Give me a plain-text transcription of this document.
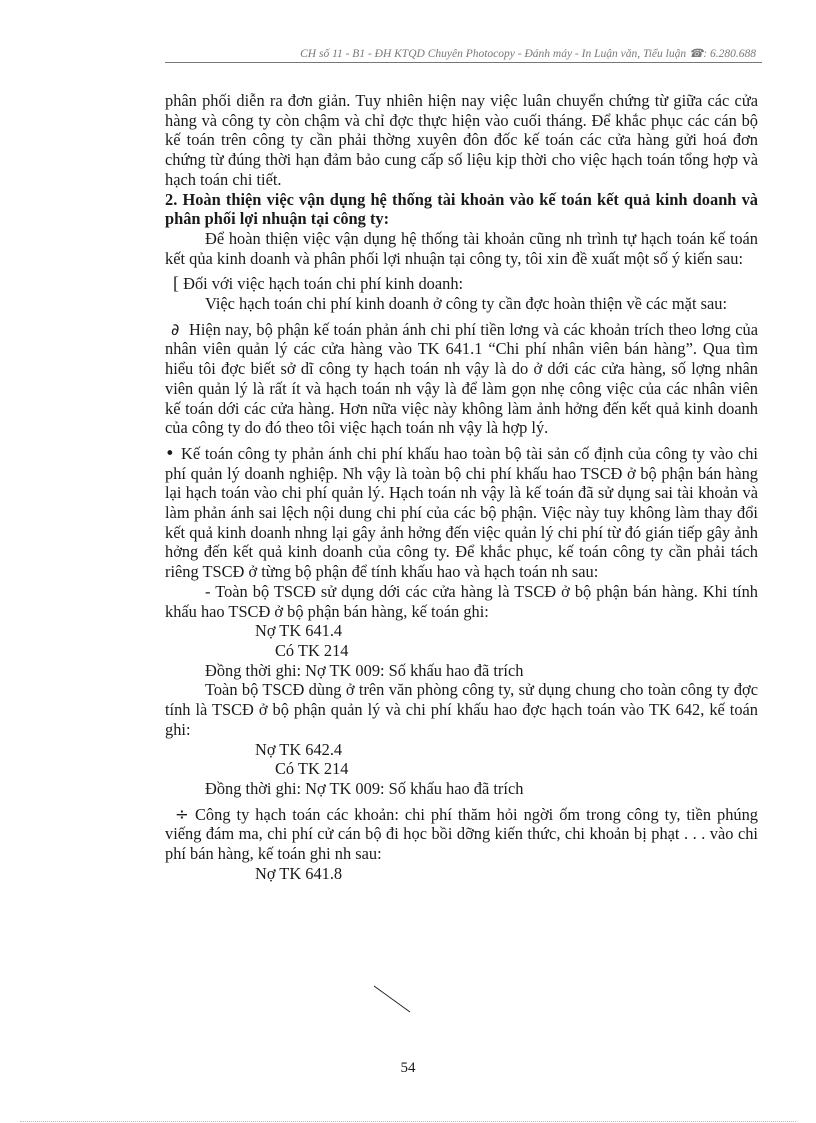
CH số 11 - B1 - ĐH KTQD Chuyên Photocopy - Đánh máy - In Luận văn, Tiểu luận ☎: 6.280.688

phân phối diễn ra đơn giản. Tuy nhiên hiện nay việc luân chuyển chứng từ giữa các cửa hàng và công ty còn chậm và chỉ đợc thực hiện vào cuối tháng. Để khắc phục các cán bộ kế toán trên công ty cần phải thờng xuyên đôn đốc kế toán các cửa hàng gửi hoá đơn chứng từ đúng thời hạn đảm bảo cung cấp số liệu kịp thời cho việc hạch toán tổng hợp và hạch toán chi tiết.

2. Hoàn thiện việc vận dụng hệ thống tài khoản vào kế toán kết quả kinh doanh và phân phối lợi nhuận tại công ty:

Để hoàn thiện việc vận dụng hệ thống tài khoản cũng nh trình tự hạch toán kế toán kết qủa kinh doanh và phân phối lợi nhuận tại công ty, tôi xin đề xuất một số ý kiến sau:

[ Đối với việc hạch toán chi phí kinh doanh:

Việc hạch toán chi phí kinh doanh ở công ty cần đợc hoàn thiện về các mặt sau:

∂ Hiện nay, bộ phận kế toán phản ánh chi phí tiền lơng và các khoản trích theo lơng của nhân viên quản lý các cửa hàng vào TK 641.1 “Chi phí nhân viên bán hàng”. Qua tìm hiểu tôi đợc biết sở dĩ công ty hạch toán nh vậy là do ở dới các cửa hàng, số lợng nhân viên quản lý là rất ít và hạch toán nh vậy là để làm gọn nhẹ công việc của các nhân viên kế toán dới các cửa hàng. Hơn nữa việc này không làm ảnh hởng đến kết quả kinh doanh của công ty do đó theo tôi việc hạch toán nh vậy là hợp lý.

• Kế toán công ty phản ánh chi phí khấu hao toàn bộ tài sản cố định của công ty vào chi phí quản lý doanh nghiệp. Nh vậy là toàn bộ chi phí khấu hao TSCĐ ở bộ phận bán hàng lại hạch toán vào chi phí quản lý. Hạch toán nh vậy là kế toán đã sử dụng sai tài khoản và làm phản ánh sai lệch nội dung chi phí của các bộ phận. Việc này tuy không làm thay đổi kết quả kinh doanh nhng lại gây ảnh hởng đến việc quản lý chi phí từ đó gián tiếp gây ảnh hởng đến kết quả kinh doanh của công ty. Để khắc phục, kế toán công ty cần phải tách riêng TSCĐ ở từng bộ phận để tính khấu hao và hạch toán nh sau:

- Toàn bộ TSCĐ sử dụng dới các cửa hàng là TSCĐ ở bộ phận bán hàng. Khi tính khấu hao TSCĐ ở bộ phận bán hàng, kế toán ghi:

Nợ TK 641.4

Có TK 214

Đồng thời ghi: Nợ TK 009: Số khấu hao đã trích

Toàn bộ TSCĐ dùng ở trên văn phòng công ty, sử dụng chung cho toàn công ty đợc tính là TSCĐ ở bộ phận quản lý và chi phí khấu hao đợc hạch toán vào TK 642, kế toán ghi:

Nợ TK 642.4

Có TK 214

Đồng thời ghi: Nợ TK 009: Số khấu hao đã trích

÷ Công ty hạch toán các khoản: chi phí thăm hỏi ngời ốm trong công ty, tiền phúng viếng đám ma, chi phí cử cán bộ đi học bồi dỡng kiến thức, chi khoản bị phạt . . . vào chi phí bán hàng, kế toán ghi nh sau:

Nợ TK 641.8

54
